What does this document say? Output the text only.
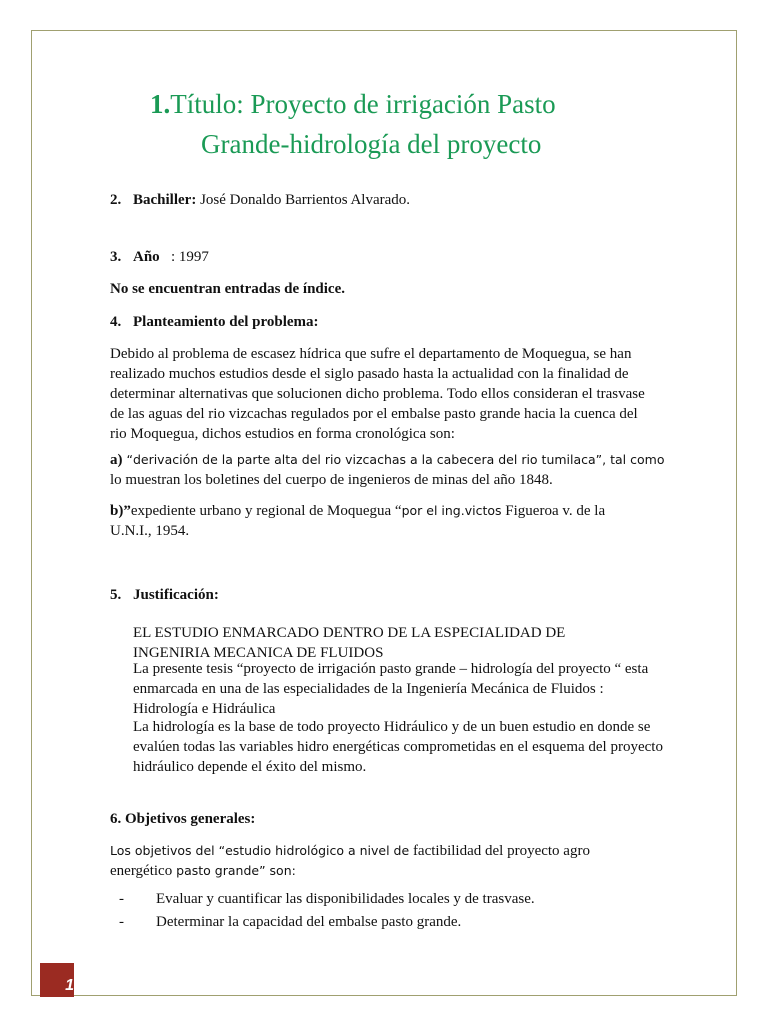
1.Título: Proyecto de irrigación Pasto
Grande-hidrología del proyecto

2. Bachiller: José Donaldo Barrientos Alvarado.

3. Año   : 1997

No se encuentran entradas de índice.

4. Planteamiento del problema:

Debido al problema de escasez hídrica que sufre el departamento de Moquegua, se han realizado muchos estudios desde el siglo pasado hasta la actualidad con la finalidad de determinar alternativas que solucionen dicho problema. Todo ellos consideran el trasvase de las aguas del rio vizcachas regulados por el embalse pasto grande hacia la cuenca del rio Moquegua, dichos estudios en forma cronológica son:

a) “derivación de la parte alta del rio vizcachas a la cabecera del rio tumilaca”, tal como
lo muestran los boletines del cuerpo de ingenieros de minas del año 1848.

b)”expediente urbano y regional de Moquegua “por el ing.victos Figueroa v. de la U.N.I., 1954.

5. Justificación:

EL ESTUDIO ENMARCADO DENTRO DE LA ESPECIALIDAD DE INGENIRIA MECANICA DE FLUIDOS
La presente tesis “proyecto de irrigación pasto grande – hidrología del proyecto “ esta enmarcada en una de las especialidades de la Ingeniería Mecánica de Fluidos : Hidrología e Hidráulica
La hidrología es la base de todo proyecto Hidráulico y de un buen estudio en donde se evalúen todas las variables hidro energéticas comprometidas en el esquema del proyecto hidráulico depende el éxito del mismo.

6. Objetivos generales:

Los objetivos del “estudio hidrológico a nivel de factibilidad del proyecto agro energético pasto grande” son:

- Evaluar y cuantificar las disponibilidades locales y de trasvase.
- Determinar la capacidad del embalse pasto grande.
1
